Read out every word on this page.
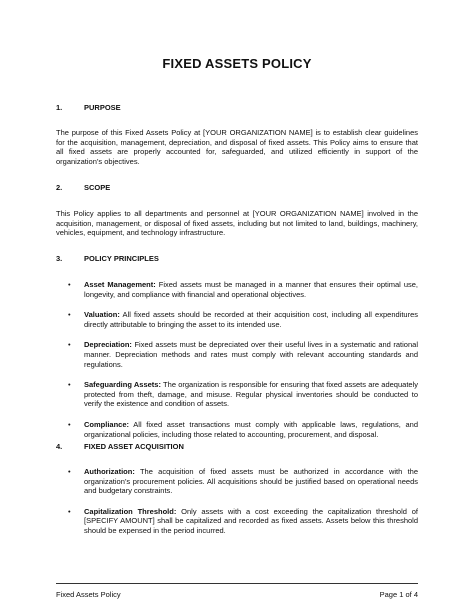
FIXED ASSETS POLICY
1.	PURPOSE
The purpose of this Fixed Assets Policy at [YOUR ORGANIZATION NAME] is to establish clear guidelines for the acquisition, management, depreciation, and disposal of fixed assets. This Policy aims to ensure that all fixed assets are properly accounted for, safeguarded, and utilized efficiently in support of the organization’s objectives.
2.	SCOPE
This Policy applies to all departments and personnel at [YOUR ORGANIZATION NAME] involved in the acquisition, management, or disposal of fixed assets, including but not limited to land, buildings, machinery, vehicles, equipment, and technology infrastructure.
3.	POLICY PRINCIPLES
• Asset Management: Fixed assets must be managed in a manner that ensures their optimal use, longevity, and compliance with financial and operational objectives.
• Valuation: All fixed assets should be recorded at their acquisition cost, including all expenditures directly attributable to bringing the asset to its intended use.
• Depreciation: Fixed assets must be depreciated over their useful lives in a systematic and rational manner. Depreciation methods and rates must comply with relevant accounting standards and regulations.
• Safeguarding Assets: The organization is responsible for ensuring that fixed assets are adequately protected from theft, damage, and misuse. Regular physical inventories should be conducted to verify the existence and condition of assets.
• Compliance: All fixed asset transactions must comply with applicable laws, regulations, and organizational policies, including those related to accounting, procurement, and disposal.
4.	FIXED ASSET ACQUISITION
• Authorization: The acquisition of fixed assets must be authorized in accordance with the organization’s procurement policies. All acquisitions should be justified based on operational needs and budgetary constraints.
• Capitalization Threshold: Only assets with a cost exceeding the capitalization threshold of [SPECIFY AMOUNT] shall be capitalized and recorded as fixed assets. Assets below this threshold should be expensed in the period incurred.
Fixed Assets Policy	Page 1 of 4
